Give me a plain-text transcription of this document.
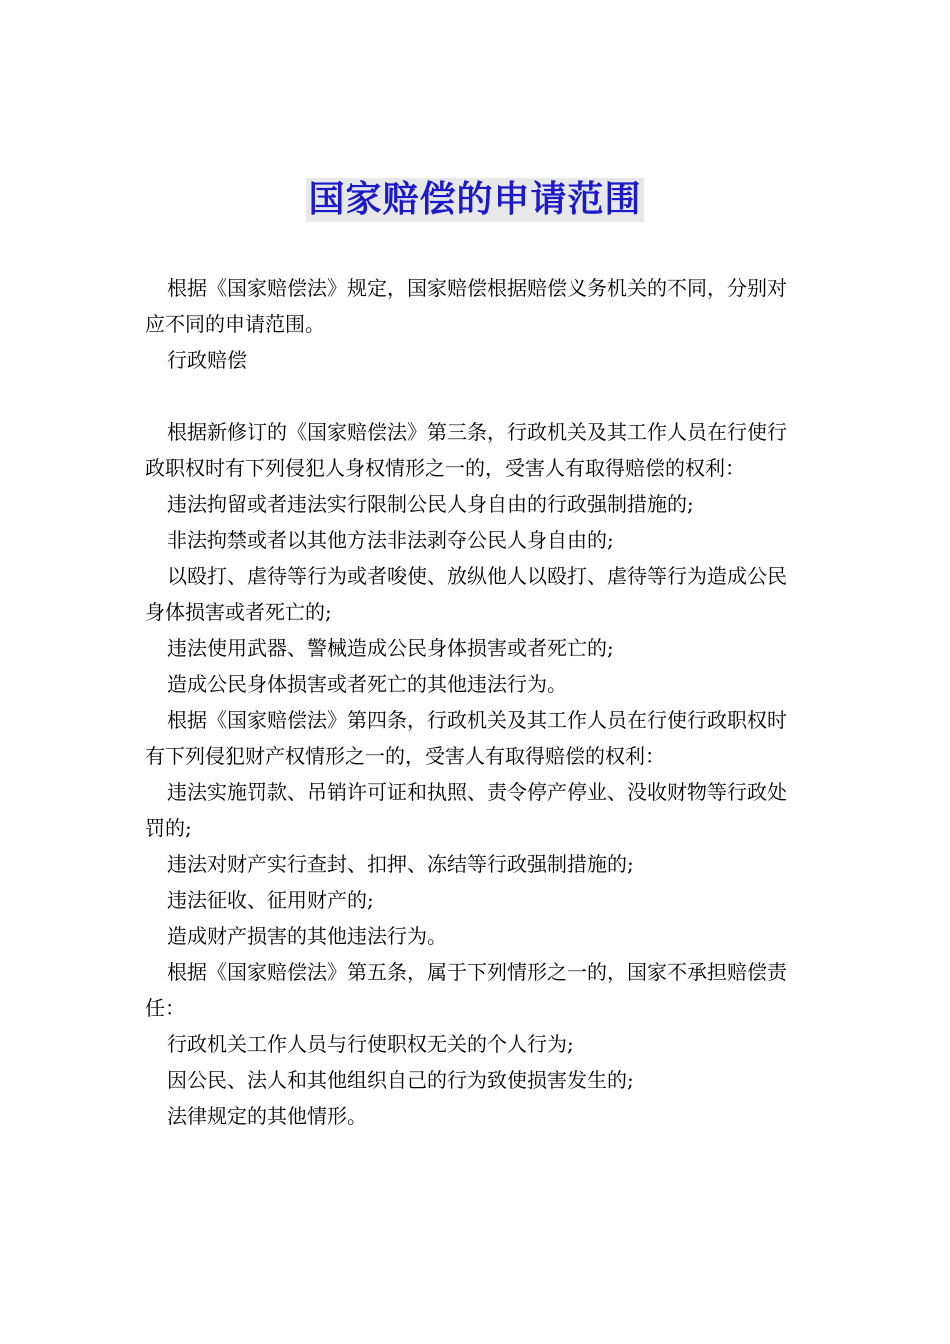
国家赔偿的申请范围

根据《国家赔偿法》规定，国家赔偿根据赔偿义务机关的不同，分别对应不同的申请范围。

行政赔偿

根据新修订的《国家赔偿法》第三条，行政机关及其工作人员在行使行政职权时有下列侵犯人身权情形之一的，受害人有取得赔偿的权利：

违法拘留或者违法实行限制公民人身自由的行政强制措施的;

非法拘禁或者以其他方法非法剥夺公民人身自由的;

以殴打、虐待等行为或者唆使、放纵他人以殴打、虐待等行为造成公民身体损害或者死亡的;

违法使用武器、警械造成公民身体损害或者死亡的;

造成公民身体损害或者死亡的其他违法行为。

根据《国家赔偿法》第四条，行政机关及其工作人员在行使行政职权时有下列侵犯财产权情形之一的，受害人有取得赔偿的权利：

违法实施罚款、吊销许可证和执照、责令停产停业、没收财物等行政处罚的;

违法对财产实行查封、扣押、冻结等行政强制措施的;

违法征收、征用财产的;

造成财产损害的其他违法行为。

根据《国家赔偿法》第五条，属于下列情形之一的，国家不承担赔偿责任：

行政机关工作人员与行使职权无关的个人行为;

因公民、法人和其他组织自己的行为致使损害发生的;

法律规定的其他情形。
